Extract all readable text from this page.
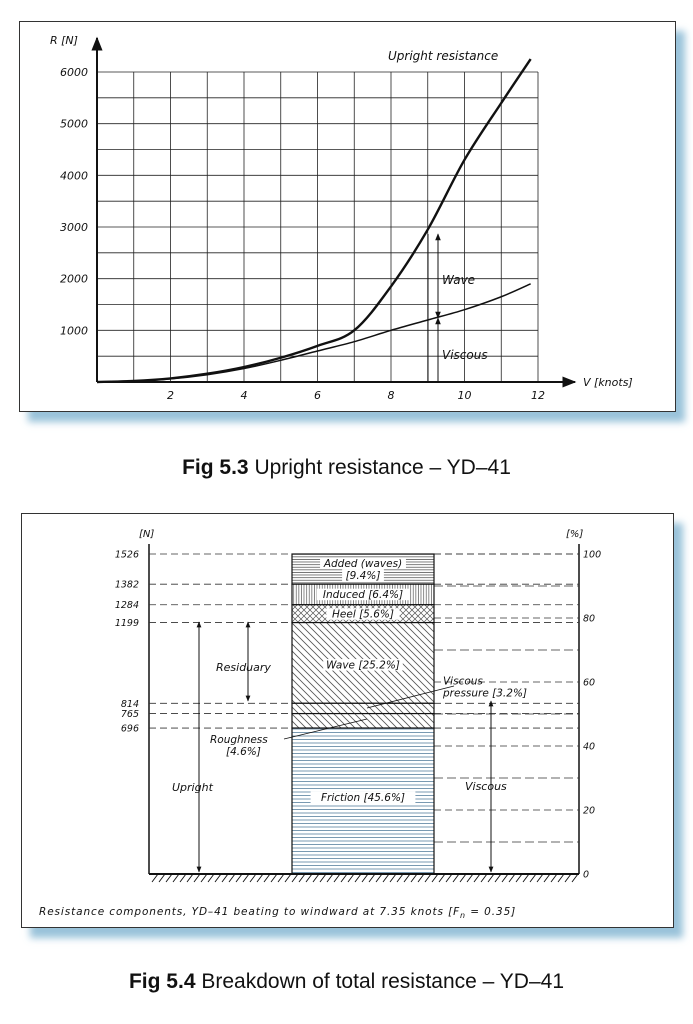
R [N]
V [knots]
2	4	6	8	10	12
1000
2000
3000
4000
5000
6000
Upright resistance
Wave
Viscous
Fig 5.3 Upright resistance – YD–41
[N]	[%]
1526
1382
1284
1199
814
765
696
100
80
60
40
20
0
Added (waves)
[9.4%]
Induced [6.4%]
Heel [5.6%]
Wave [25.2%]
Viscous
pressure [3.2%]
Roughness
[4.6%]
Friction [45.6%]
Residuary
Upright	Viscous
Resistance components, YD–41 beating to windward at 7.35 knots $[F_n = 0.35]$
Fig 5.4 Breakdown of total resistance – YD–41
